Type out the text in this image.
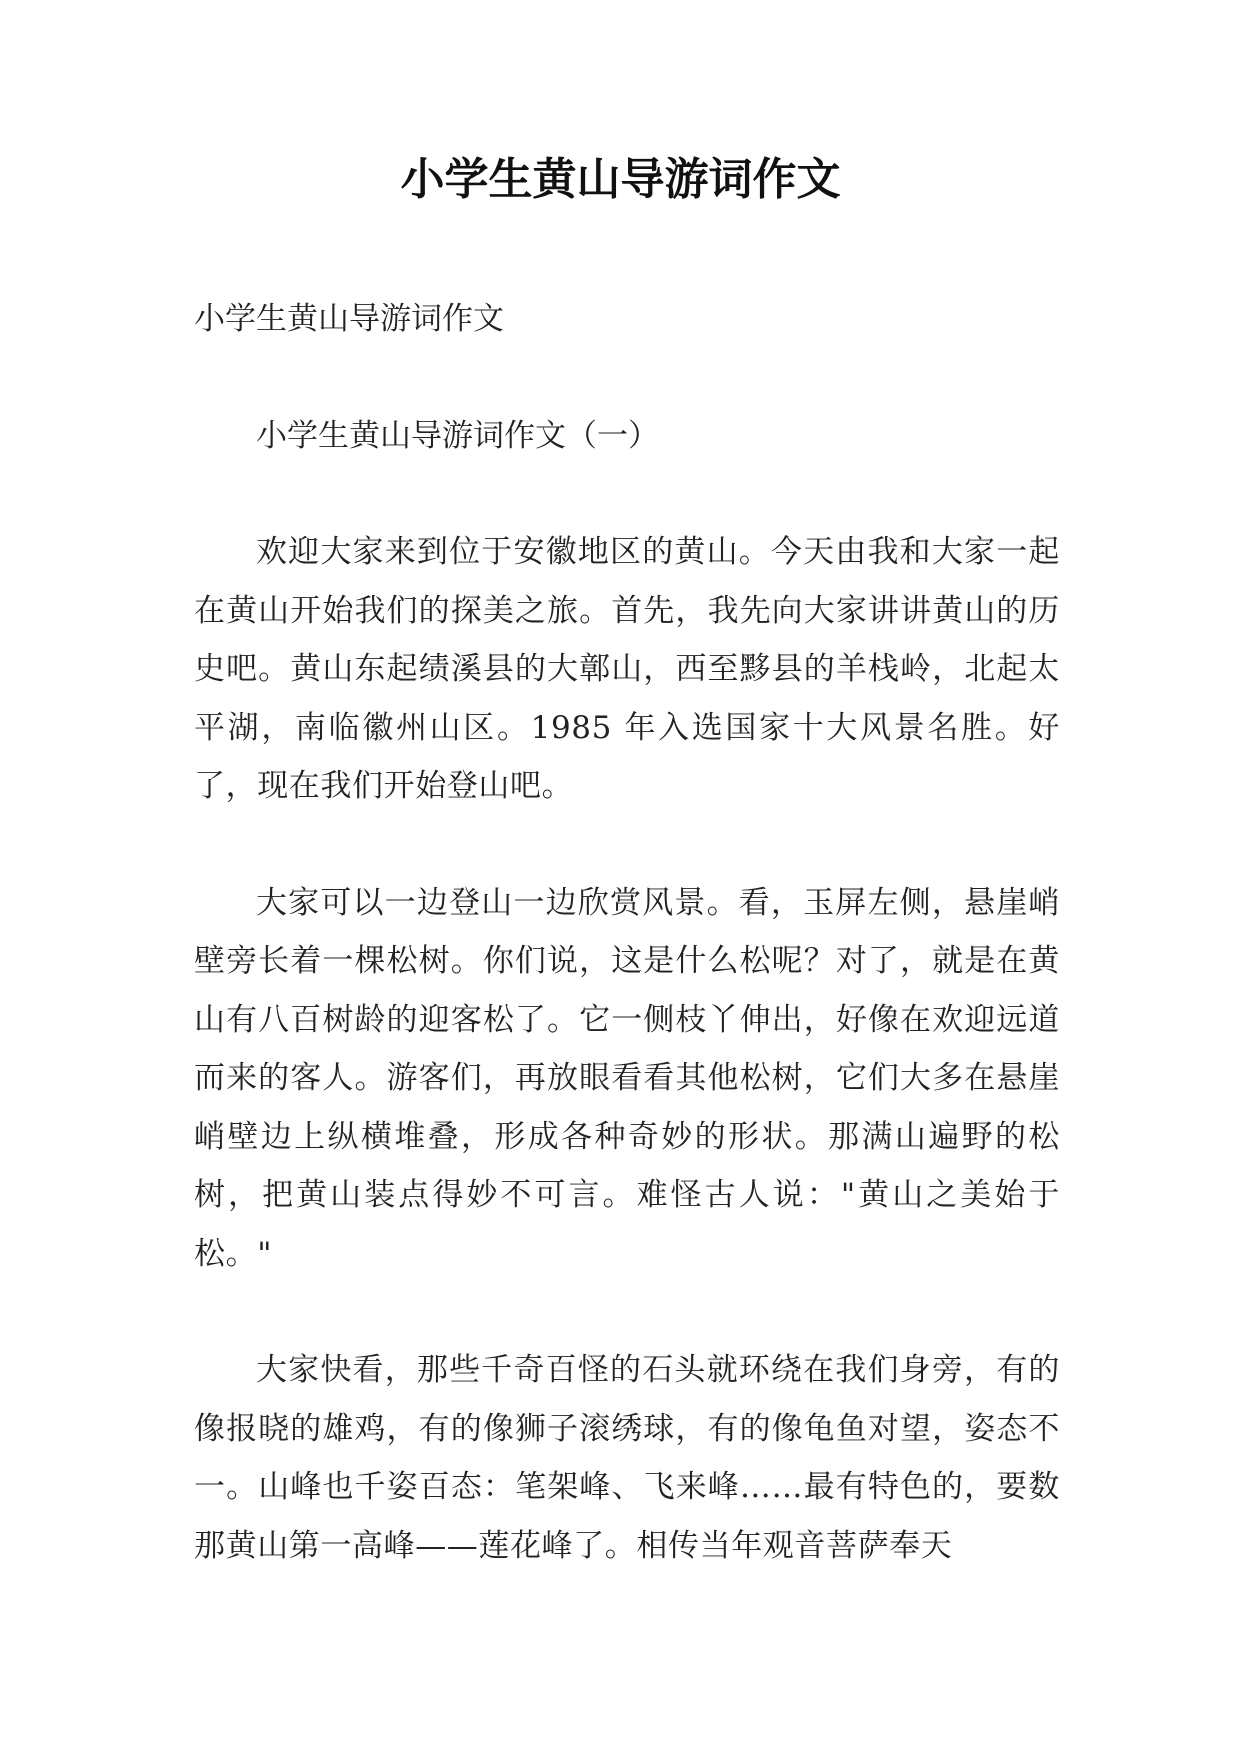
小学生黄山导游词作文

小学生黄山导游词作文

小学生黄山导游词作文（一）

欢迎大家来到位于安徽地区的黄山。今天由我和大家一起在黄山开始我们的探美之旅。首先，我先向大家讲讲黄山的历史吧。黄山东起绩溪县的大鄣山，西至黟县的羊栈岭，北起太平湖，南临徽州山区。1985 年入选国家十大风景名胜。好了，现在我们开始登山吧。

大家可以一边登山一边欣赏风景。看，玉屏左侧，悬崖峭壁旁长着一棵松树。你们说，这是什么松呢？对了，就是在黄山有八百树龄的迎客松了。它一侧枝丫伸出，好像在欢迎远道而来的客人。游客们，再放眼看看其他松树，它们大多在悬崖峭壁边上纵横堆叠，形成各种奇妙的形状。那满山遍野的松树，把黄山装点得妙不可言。难怪古人说："黄山之美始于松。"

大家快看，那些千奇百怪的石头就环绕在我们身旁，有的像报晓的雄鸡，有的像狮子滚绣球，有的像龟鱼对望，姿态不一。山峰也千姿百态：笔架峰、飞来峰……最有特色的，要数那黄山第一高峰——莲花峰了。相传当年观音菩萨奉天
